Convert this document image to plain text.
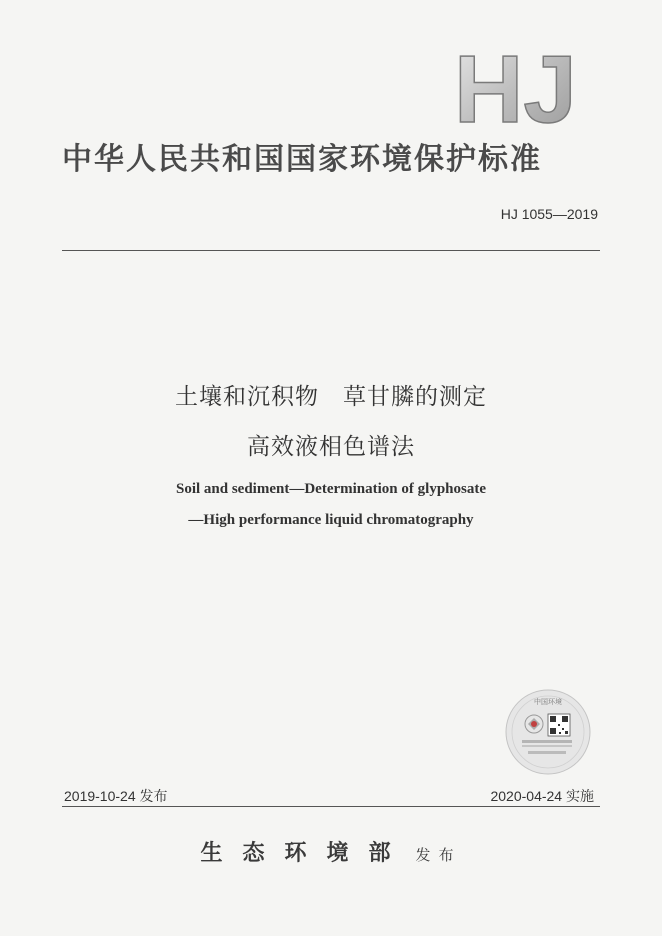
HJ
中华人民共和国国家环境保护标准
HJ 1055—2019
土壤和沉积物　草甘膦的测定
高效液相色谱法
Soil and sediment—Determination of glyphosate
—High performance liquid chromatography
中国环境
2019-10-24 发布	2020-04-24 实施
生态环境部 发布
